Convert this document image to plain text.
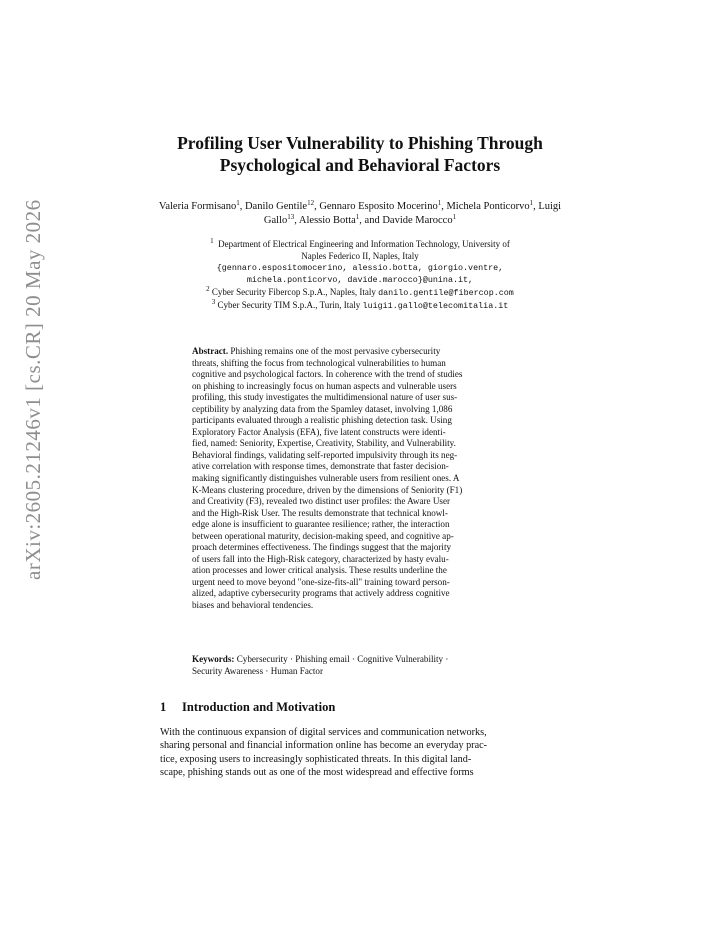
arXiv:2605.21246v1 [cs.CR] 20 May 2026
Profiling User Vulnerability to Phishing Through
Psychological and Behavioral Factors
Valeria Formisano$^1$, Danilo Gentile$^{12}$, Gennaro Esposito Mocerino$^1$, Michela Ponticorvo$^1$, Luigi Gallo$^{13}$, Alessio Botta$^1$, and Davide Marocco$^1$
$^1$ Department of Electrical Engineering and Information Technology, University of
Naples Federico II, Naples, Italy
{gennaro.espositomocerino, alessio.botta, giorgio.ventre,
michela.ponticorvo, davide.marocco}@unina.it,
$^2$ Cyber Security Fibercop S.p.A., Naples, Italy danilo.gentile@fibercop.com
$^3$ Cyber Security TIM S.p.A., Turin, Italy luigi1.gallo@telecomitalia.it
Abstract. Phishing remains one of the most pervasive cybersecurity
threats, shifting the focus from technological vulnerabilities to human
cognitive and psychological factors. In coherence with the trend of studies
on phishing to increasingly focus on human aspects and vulnerable users
profiling, this study investigates the multidimensional nature of user sus-
ceptibility by analyzing data from the Spamley dataset, involving 1,086
participants evaluated through a realistic phishing detection task. Using
Exploratory Factor Analysis (EFA), five latent constructs were identi-
fied, named: Seniority, Expertise, Creativity, Stability, and Vulnerability.
Behavioral findings, validating self-reported impulsivity through its neg-
ative correlation with response times, demonstrate that faster decision-
making significantly distinguishes vulnerable users from resilient ones. A
K-Means clustering procedure, driven by the dimensions of Seniority (F1)
and Creativity (F3), revealed two distinct user profiles: the Aware User
and the High-Risk User. The results demonstrate that technical knowl-
edge alone is insufficient to guarantee resilience; rather, the interaction
between operational maturity, decision-making speed, and cognitive ap-
proach determines effectiveness. The findings suggest that the majority
of users fall into the High-Risk category, characterized by hasty evalu-
ation processes and lower critical analysis. These results underline the
urgent need to move beyond "one-size-fits-all" training toward person-
alized, adaptive cybersecurity programs that actively address cognitive
biases and behavioral tendencies.
Keywords: Cybersecurity · Phishing email · Cognitive Vulnerability ·
Security Awareness · Human Factor
1 Introduction and Motivation
With the continuous expansion of digital services and communication networks,
sharing personal and financial information online has become an everyday prac-
tice, exposing users to increasingly sophisticated threats. In this digital land-
scape, phishing stands out as one of the most widespread and effective forms
